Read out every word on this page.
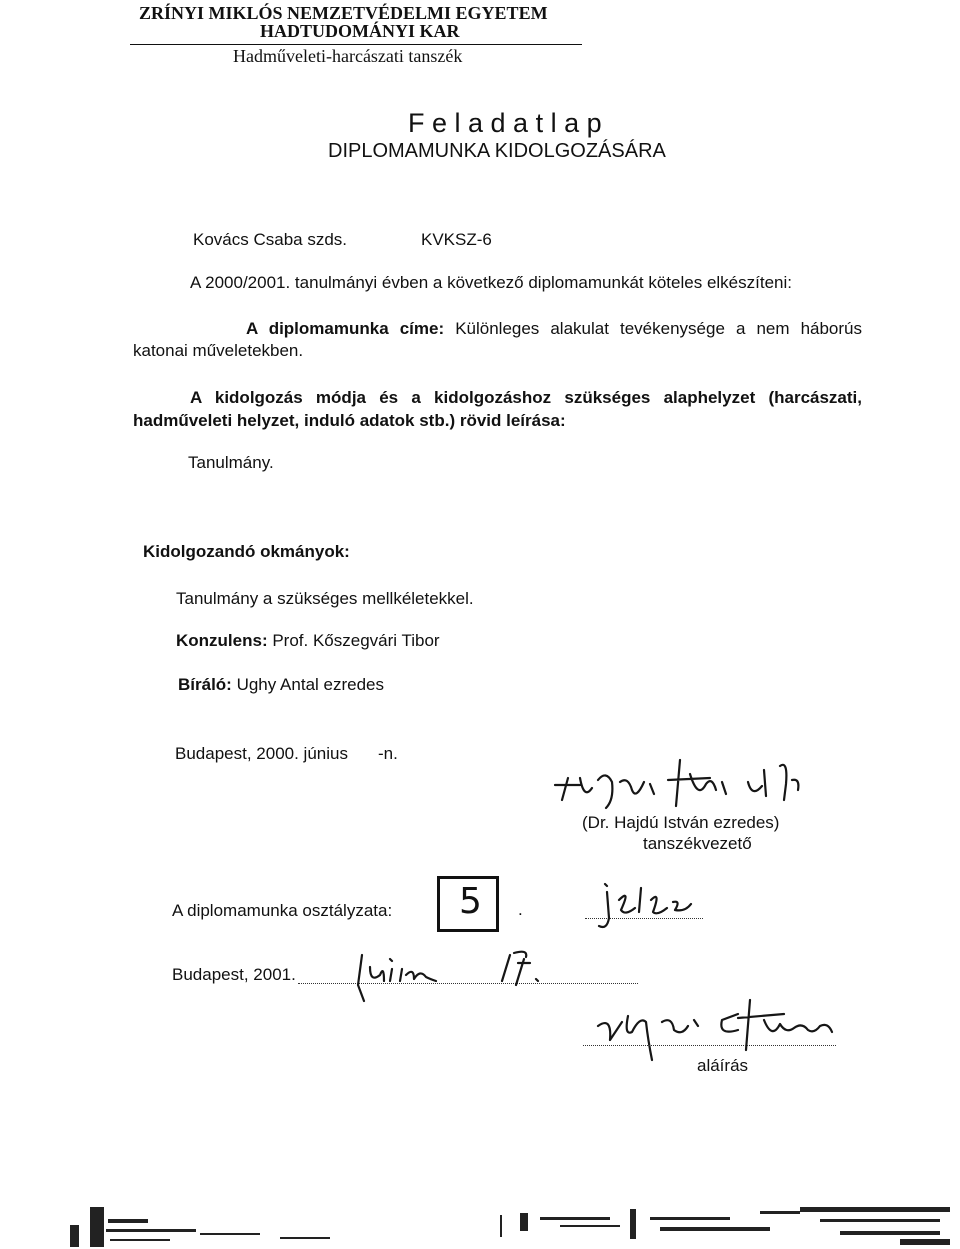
ZRÍNYI MIKLÓS NEMZETVÉDELMI EGYETEM
HADTUDOMÁNYI KAR
Hadműveleti-harcászati tanszék
F e l a d a t l a p
DIPLOMAMUNKA KIDOLGOZÁSÁRA
Kovács Csaba szds.	KVKSZ-6
A 2000/2001. tanulmányi évben a következő diplomamunkát köteles elkészíteni:
A diplomamunka címe: Különleges alakulat tevékenysége a nem háborús
katonai műveletekben.
A kidolgozás módja és a kidolgozáshoz szükséges alaphelyzet (harcászati,
hadműveleti helyzet, induló adatok stb.) rövid leírása:
Tanulmány.
Kidolgozandó okmányok:
Tanulmány a szükséges mellkéletekkel.
Konzulens: Prof. Kőszegvári Tibor
Bíráló: Ughy Antal ezredes
Budapest, 2000. június -n.
(Dr. Hajdú István ezredes)
tanszékvezető
A diplomamunka osztályzata: 5 .
Budapest, 2001.
aláírás
